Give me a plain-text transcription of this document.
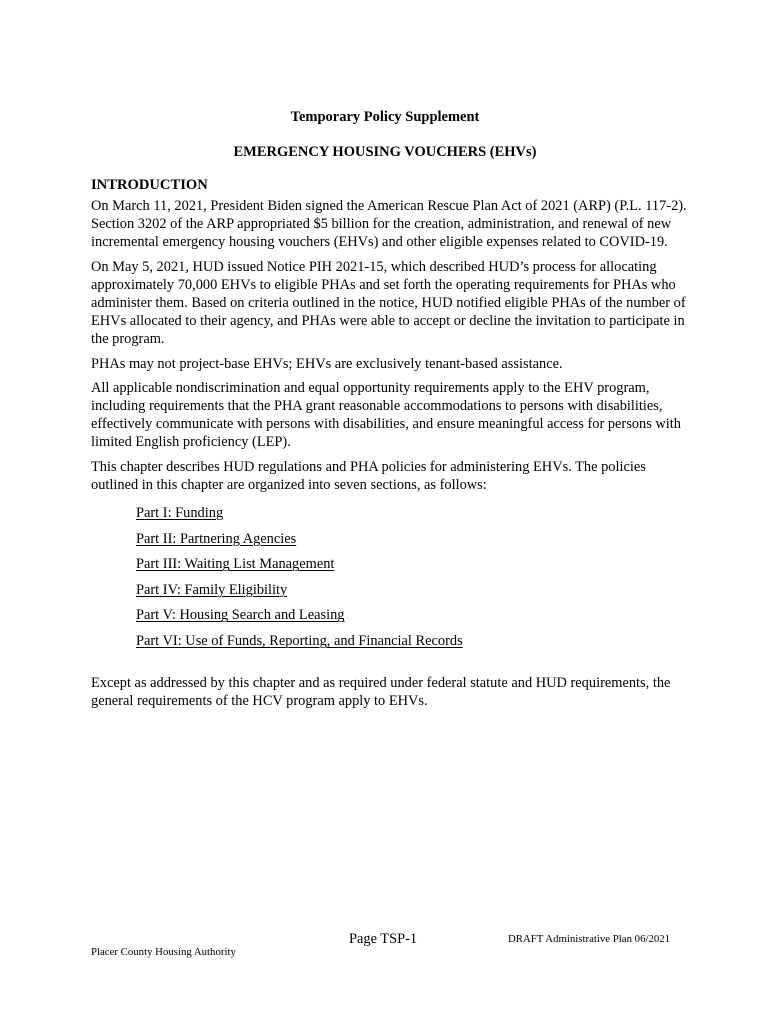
Temporary Policy Supplement

EMERGENCY HOUSING VOUCHERS (EHVs)

INTRODUCTION

On March 11, 2021, President Biden signed the American Rescue Plan Act of 2021 (ARP) (P.L. 117-2). Section 3202 of the ARP appropriated $5 billion for the creation, administration, and renewal of new incremental emergency housing vouchers (EHVs) and other eligible expenses related to COVID-19.

On May 5, 2021, HUD issued Notice PIH 2021-15, which described HUD’s process for allocating approximately 70,000 EHVs to eligible PHAs and set forth the operating requirements for PHAs who administer them. Based on criteria outlined in the notice, HUD notified eligible PHAs of the number of EHVs allocated to their agency, and PHAs were able to accept or decline the invitation to participate in the program.

PHAs may not project-base EHVs; EHVs are exclusively tenant-based assistance.

All applicable nondiscrimination and equal opportunity requirements apply to the EHV program, including requirements that the PHA grant reasonable accommodations to persons with disabilities, effectively communicate with persons with disabilities, and ensure meaningful access for persons with limited English proficiency (LEP).

This chapter describes HUD regulations and PHA policies for administering EHVs. The policies outlined in this chapter are organized into seven sections, as follows:

Part I: Funding
Part II: Partnering Agencies
Part III: Waiting List Management
Part IV: Family Eligibility
Part V: Housing Search and Leasing
Part VI: Use of Funds, Reporting, and Financial Records

Except as addressed by this chapter and as required under federal statute and HUD requirements, the general requirements of the HCV program apply to EHVs.

Placer County Housing Authority
Page TSP-1	DRAFT Administrative Plan 06/2021
